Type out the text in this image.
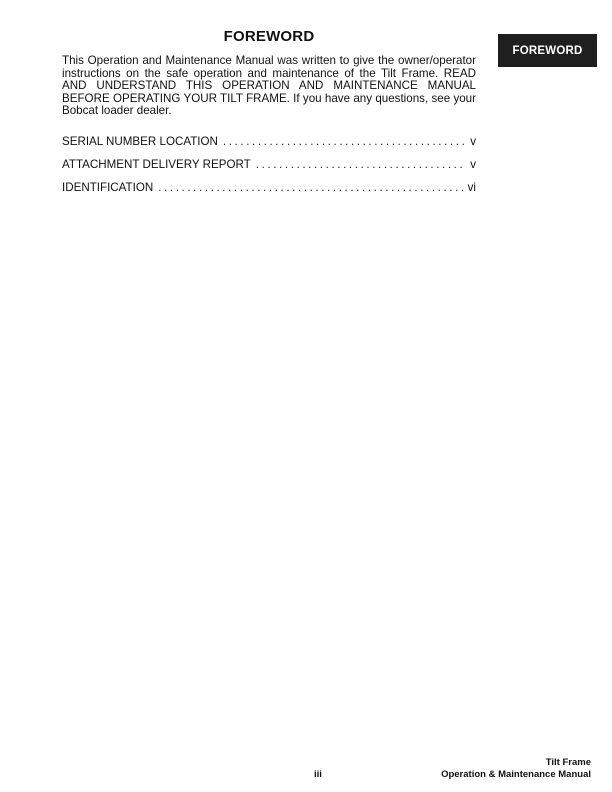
FOREWORD
FOREWORD

This Operation and Maintenance Manual was written to give the owner/operator instructions on the safe operation and maintenance of the Tilt Frame. READ AND UNDERSTAND THIS OPERATION AND MAINTENANCE MANUAL BEFORE OPERATING YOUR TILT FRAME. If you have any questions, see your Bobcat loader dealer.

SERIAL NUMBER LOCATION .....	v
ATTACHMENT DELIVERY REPORT .....	v
IDENTIFICATION .....	vi
iii
Tilt Frame
Operation & Maintenance Manual
